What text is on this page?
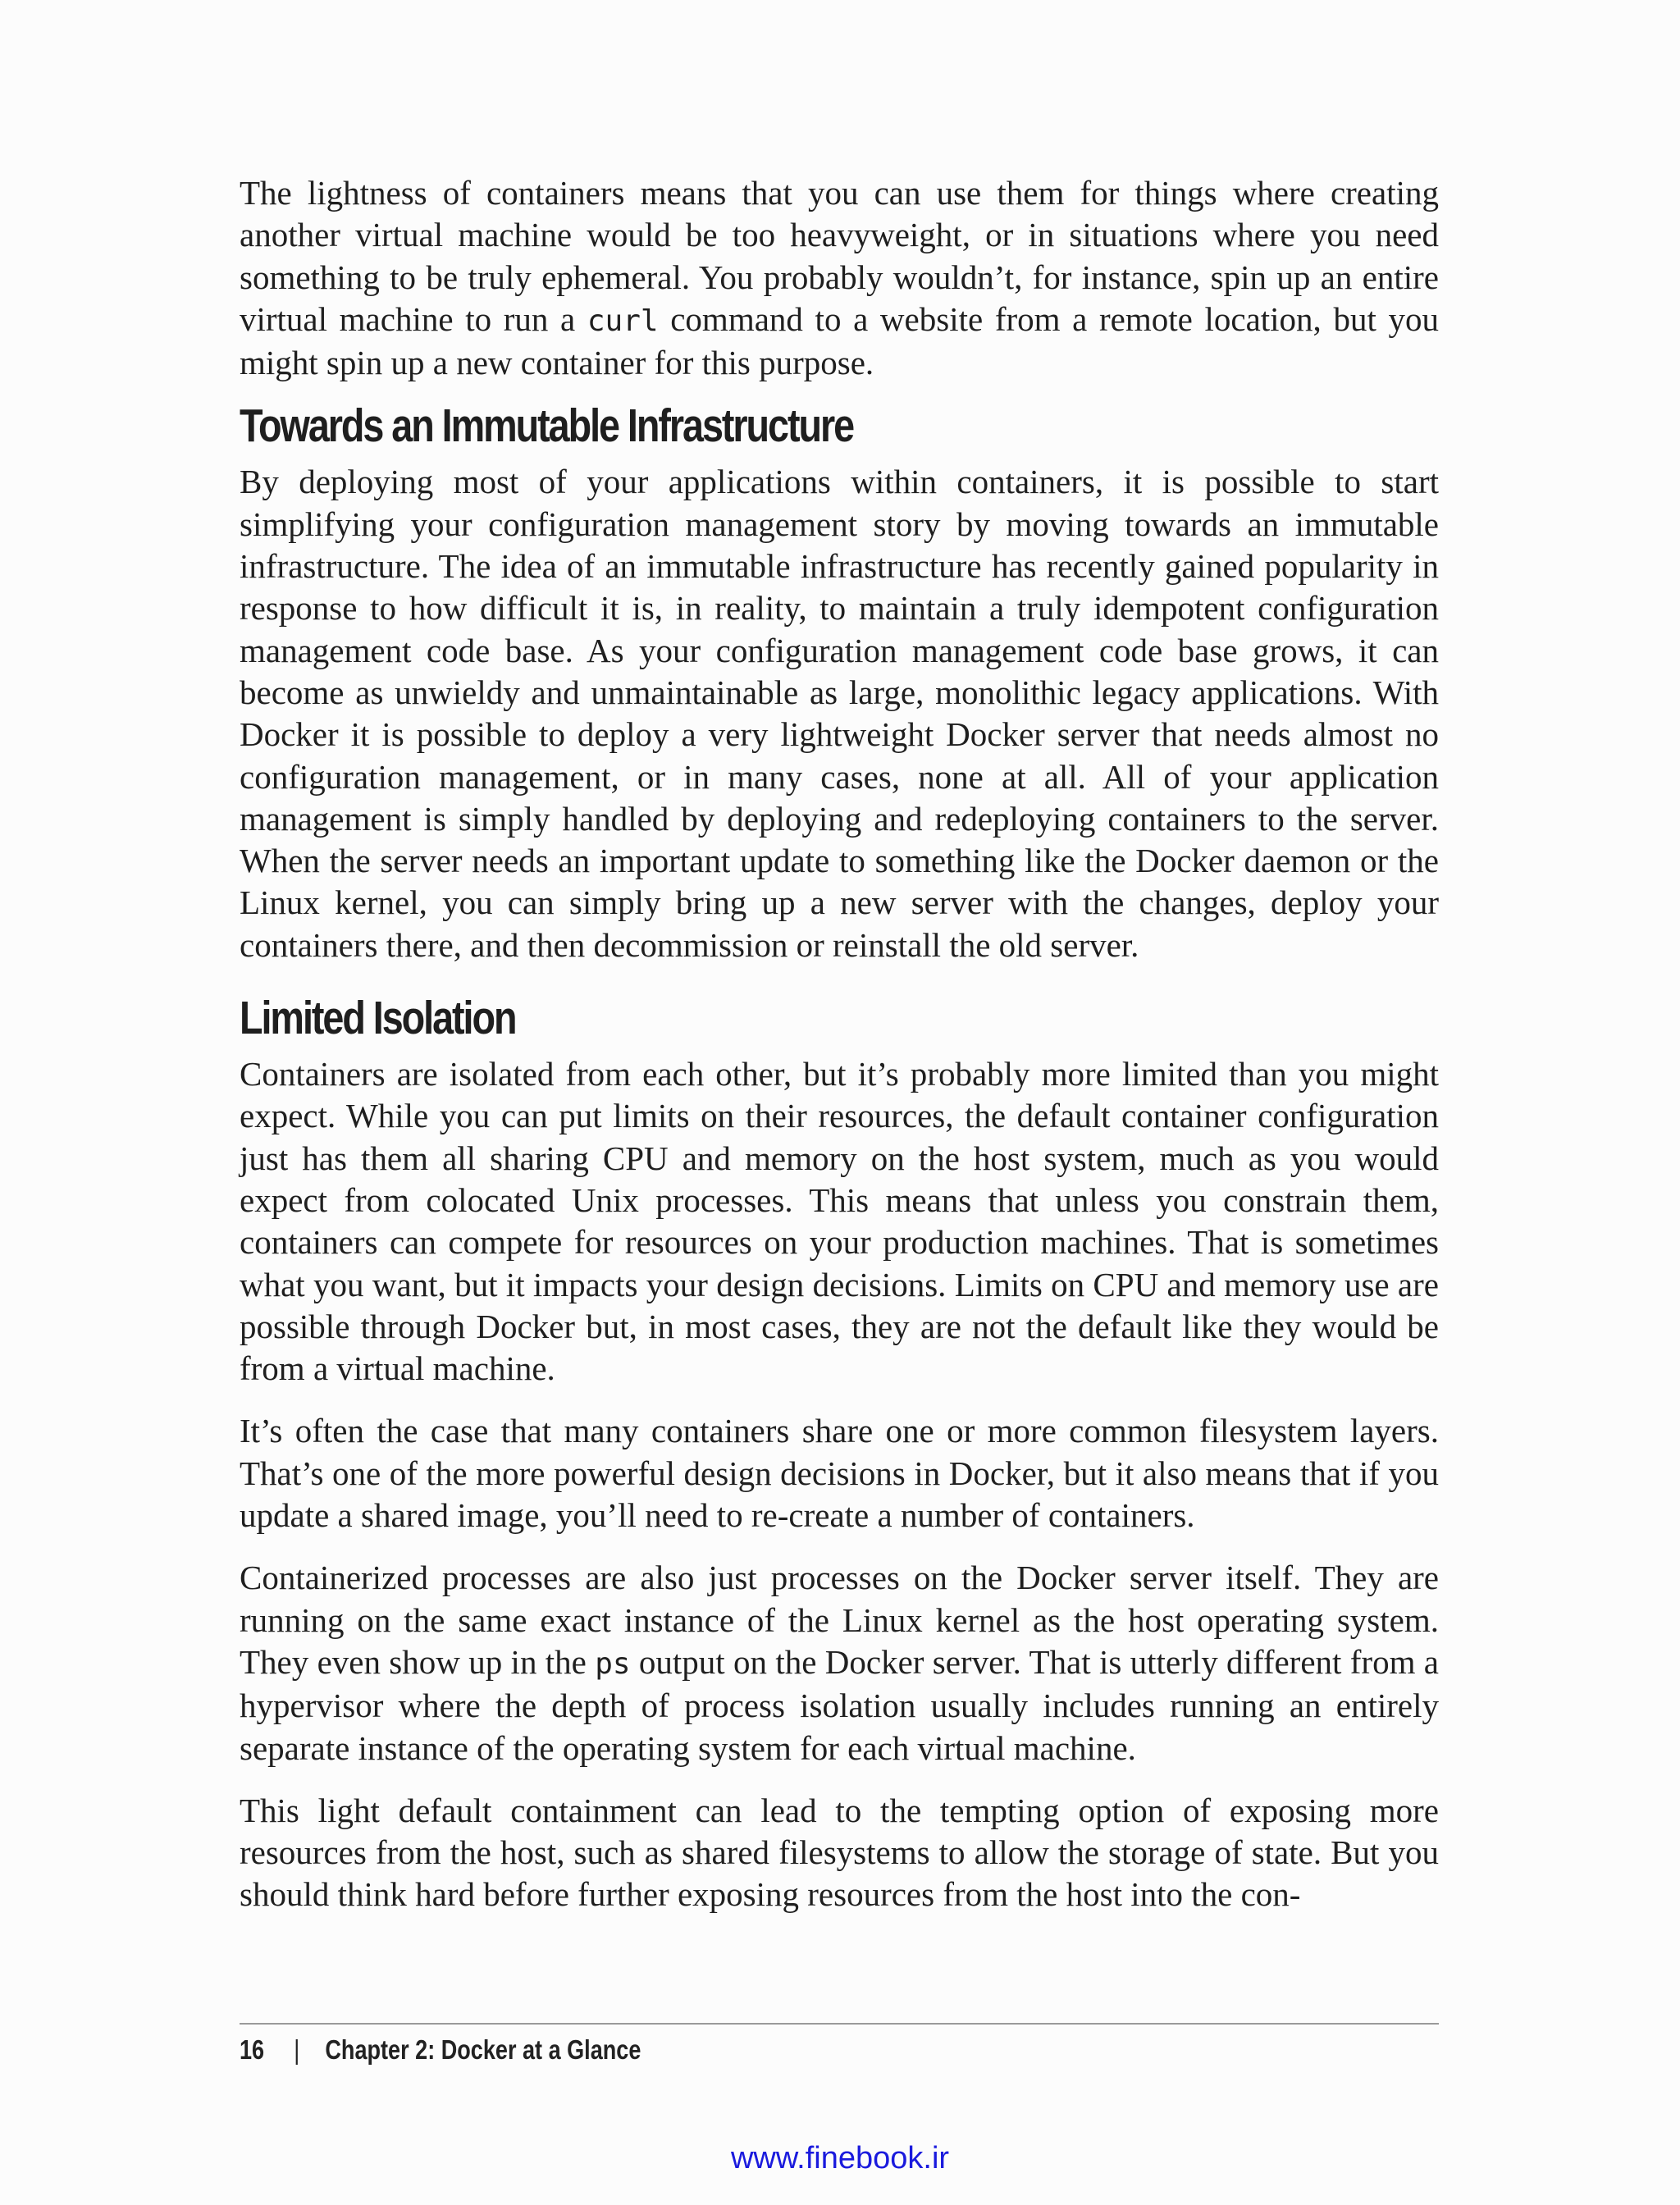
The lightness of containers means that you can use them for things where creating another virtual machine would be too heavyweight, or in situations where you need something to be truly ephemeral. You probably wouldn’t, for instance, spin up an entire virtual machine to run a curl command to a website from a remote location, but you might spin up a new container for this purpose.

Towards an Immutable Infrastructure

By deploying most of your applications within containers, it is possible to start simplifying your configuration management story by moving towards an immutable infrastructure. The idea of an immutable infrastructure has recently gained popularity in response to how difficult it is, in reality, to maintain a truly idempotent configuration management code base. As your configuration management code base grows, it can become as unwieldy and unmaintainable as large, monolithic legacy applications. With Docker it is possible to deploy a very lightweight Docker server that needs almost no configuration management, or in many cases, none at all. All of your application management is simply handled by deploying and redeploying containers to the server. When the server needs an important update to something like the Docker daemon or the Linux kernel, you can simply bring up a new server with the changes, deploy your containers there, and then decommission or reinstall the old server.

Limited Isolation

Containers are isolated from each other, but it’s probably more limited than you might expect. While you can put limits on their resources, the default container configuration just has them all sharing CPU and memory on the host system, much as you would expect from colocated Unix processes. This means that unless you constrain them, containers can compete for resources on your production machines. That is sometimes what you want, but it impacts your design decisions. Limits on CPU and memory use are possible through Docker but, in most cases, they are not the default like they would be from a virtual machine.

It’s often the case that many containers share one or more common filesystem layers. That’s one of the more powerful design decisions in Docker, but it also means that if you update a shared image, you’ll need to re-create a number of containers.

Containerized processes are also just processes on the Docker server itself. They are running on the same exact instance of the Linux kernel as the host operating system. They even show up in the ps output on the Docker server. That is utterly different from a hypervisor where the depth of process isolation usually includes running an entirely separate instance of the operating system for each virtual machine.

This light default containment can lead to the tempting option of exposing more resources from the host, such as shared filesystems to allow the storage of state. But you should think hard before further exposing resources from the host into the con-

16 | Chapter 2: Docker at a Glance
www.finebook.ir
